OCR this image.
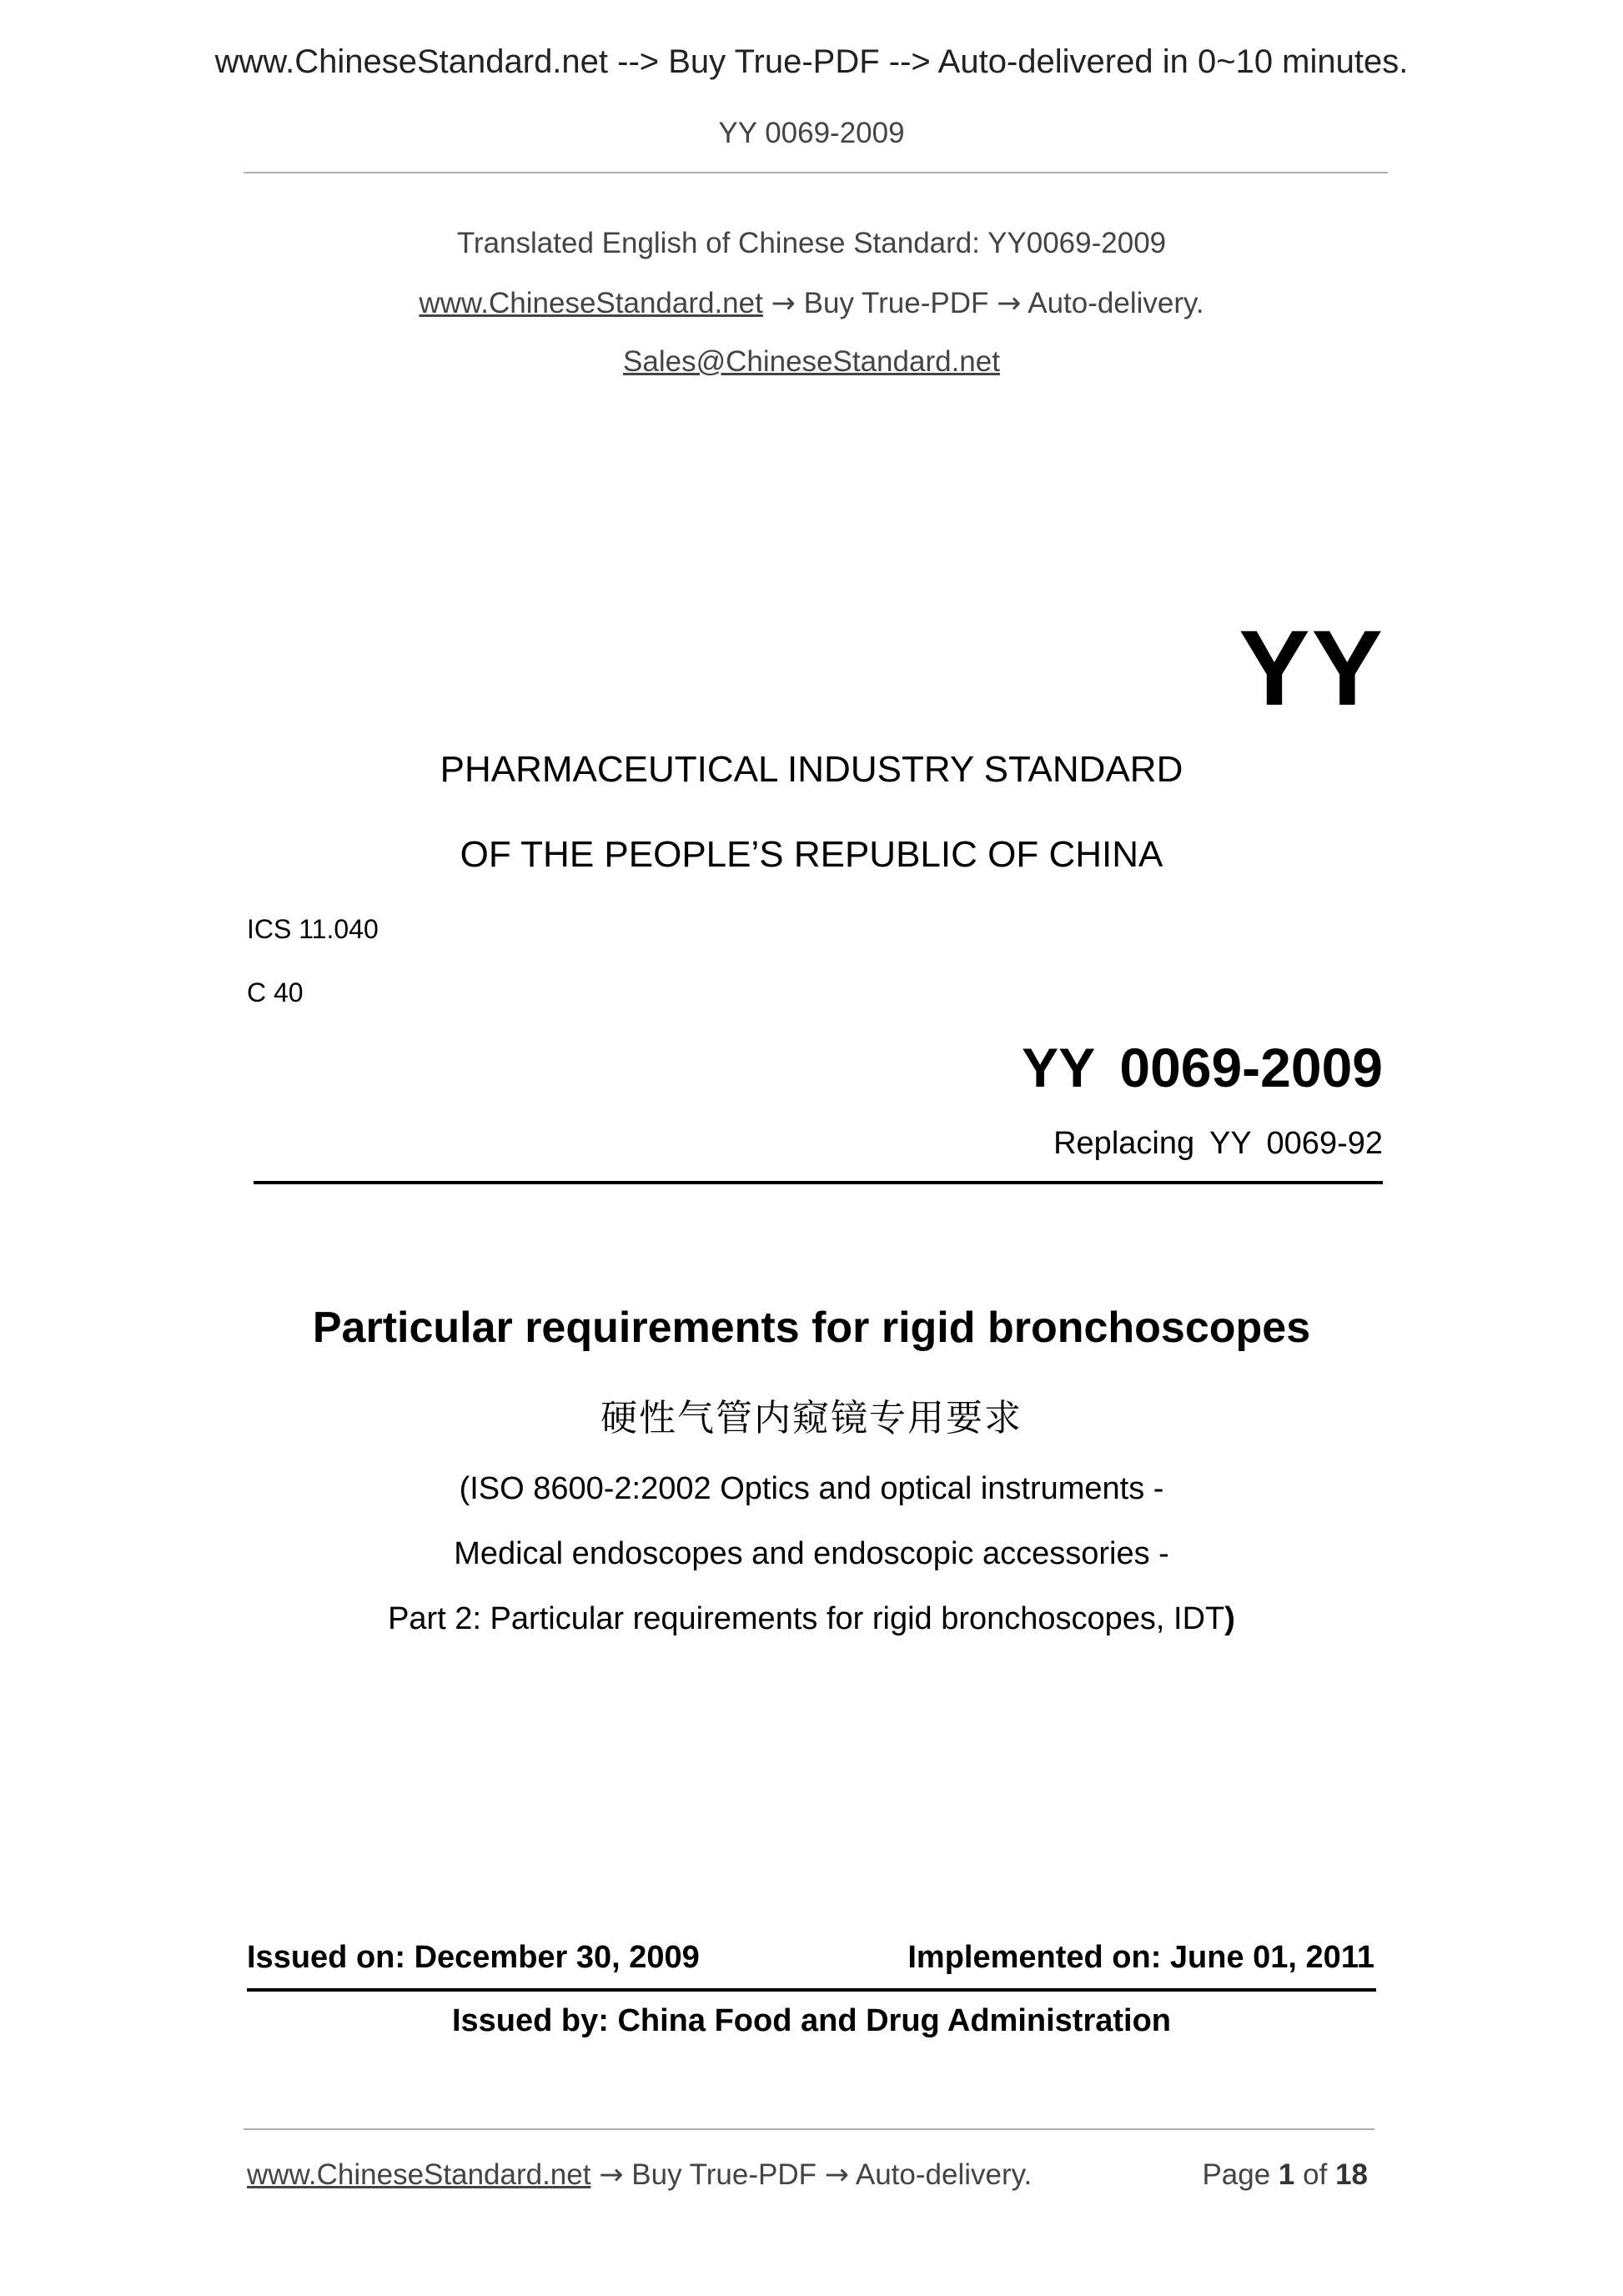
www.ChineseStandard.net --> Buy True-PDF --> Auto-delivered in 0~10 minutes.
YY 0069-2009
Translated English of Chinese Standard: YY0069-2009
www.ChineseStandard.net → Buy True-PDF → Auto-delivery.
Sales@ChineseStandard.net
YY
PHARMACEUTICAL INDUSTRY STANDARD
OF THE PEOPLE’S REPUBLIC OF CHINA
ICS 11.040
C 40
YY 0069-2009
Replacing YY 0069-92
Particular requirements for rigid bronchoscopes
硬性气管内窥镜专用要求
(ISO 8600-2:2002 Optics and optical instruments -
Medical endoscopes and endoscopic accessories -
Part 2: Particular requirements for rigid bronchoscopes, IDT)
Issued on: December 30, 2009	Implemented on: June 01, 2011
Issued by: China Food and Drug Administration
www.ChineseStandard.net → Buy True-PDF → Auto-delivery.	Page 1 of 18
